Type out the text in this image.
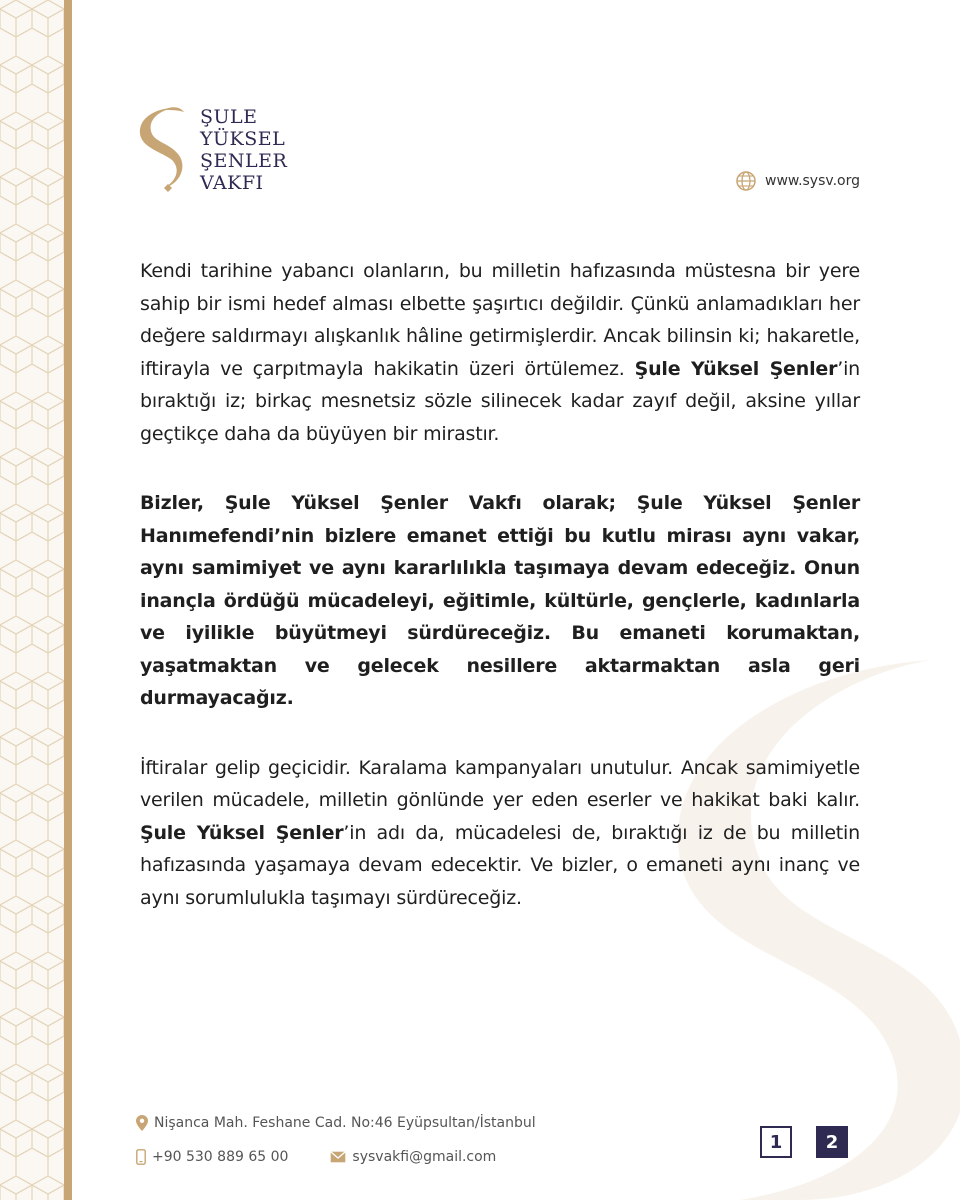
ŞULE
YÜKSEL
ŞENLER
VAKFI	www.sysv.org

Kendi tarihine yabancı olanların, bu milletin hafızasında müstesna bir yere sahip bir ismi hedef alması elbette şaşırtıcı değildir. Çünkü anlamadıkları her değere saldırmayı alışkanlık hâline getirmişlerdir. Ancak bilinsin ki; hakaretle, iftirayla ve çarpıtmayla hakikatin üzeri örtülemez. Şule Yüksel Şenler’in bıraktığı iz; birkaç mesnetsiz sözle silinecek kadar zayıf değil, aksine yıllar geçtikçe daha da büyüyen bir mirastır.

Bizler, Şule Yüksel Şenler Vakfı olarak; Şule Yüksel Şenler Hanımefendi’nin bizlere emanet ettiği bu kutlu mirası aynı vakar, aynı samimiyet ve aynı kararlılıkla taşımaya devam edeceğiz. Onun inançla ördüğü mücadeleyi, eğitimle, kültürle, gençlerle, kadınlarla ve iyilikle büyütmeyi sürdüreceğiz. Bu emaneti korumaktan, yaşatmaktan ve gelecek nesillere aktarmaktan asla geri durmayacağız.

İftiralar gelip geçicidir. Karalama kampanyaları unutulur. Ancak samimiyetle verilen mücadele, milletin gönlünde yer eden eserler ve hakikat baki kalır. Şule Yüksel Şenler’in adı da, mücadelesi de, bıraktığı iz de bu milletin hafızasında yaşamaya devam edecektir. Ve bizler, o emaneti aynı inanç ve aynı sorumlulukla taşımayı sürdüreceğiz.

Nişanca Mah. Feshane Cad. No:46 Eyüpsultan/İstanbul
+90 530 889 65 00	sysvakfi@gmail.com
1	2
